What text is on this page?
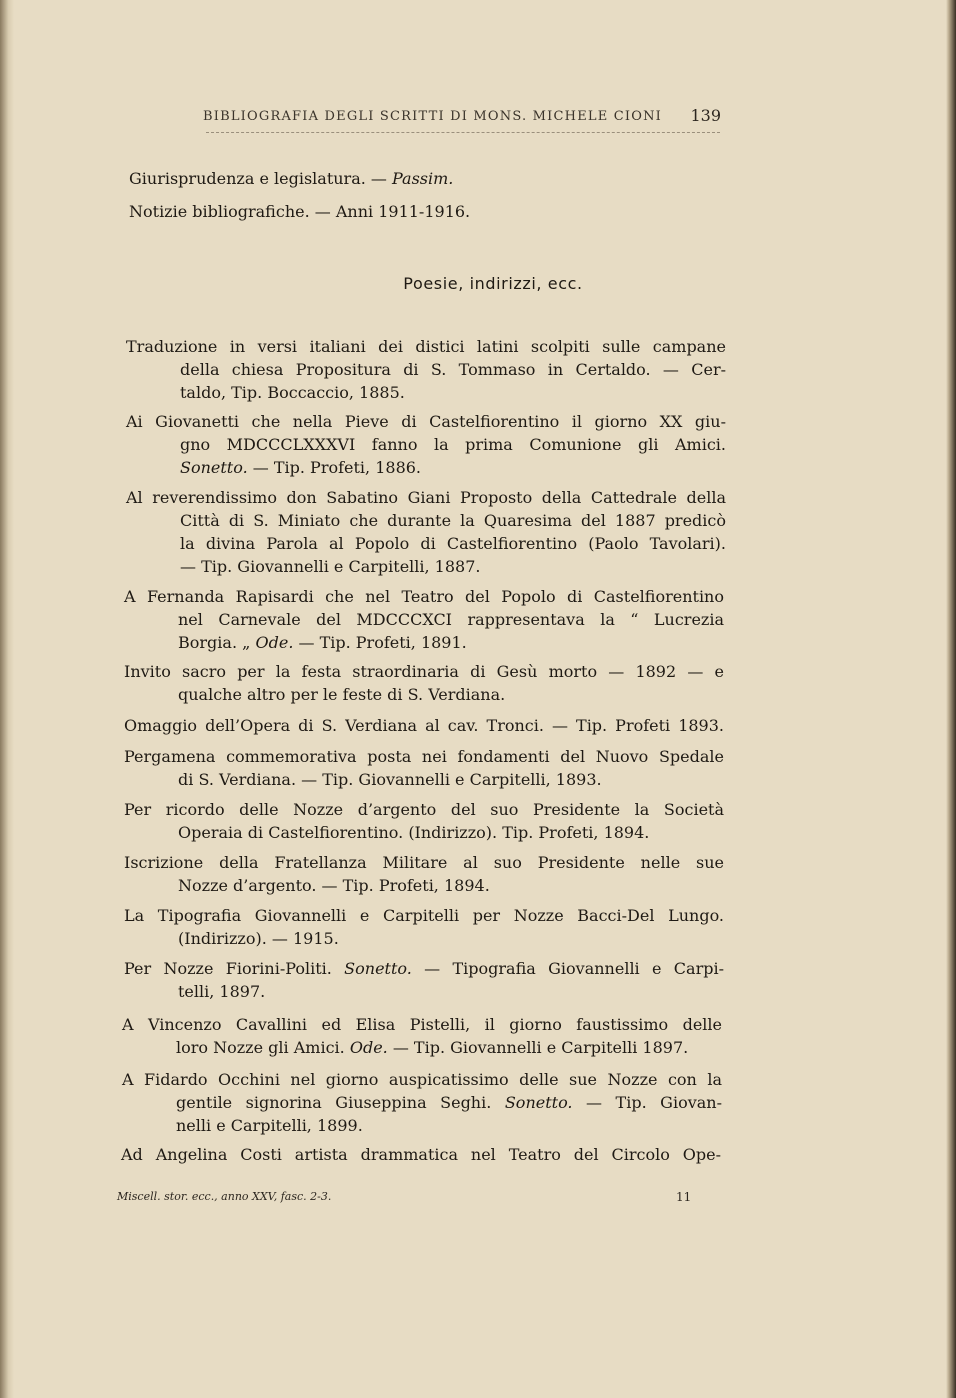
BIBLIOGRAFIA DEGLI SCRITTI DI MONS. MICHELE CIONI 139
Giurisprudenza e legislatura. — Passim.
Notizie bibliografiche. — Anni 1911-1916.
Poesie, indirizzi, ecc.
Traduzione in versi italiani dei distici latini scolpiti sulle campane
della chiesa Propositura di S. Tommaso in Certaldo. — Cer-
taldo, Tip. Boccaccio, 1885.
Ai Giovanetti che nella Pieve di Castelfiorentino il giorno XX giu-
gno MDCCCLXXXVI fanno la prima Comunione gli Amici.
Sonetto. — Tip. Profeti, 1886.
Al reverendissimo don Sabatino Giani Proposto della Cattedrale della
Città di S. Miniato che durante la Quaresima del 1887 predicò
la divina Parola al Popolo di Castelfiorentino (Paolo Tavolari).
— Tip. Giovannelli e Carpitelli, 1887.
A Fernanda Rapisardi che nel Teatro del Popolo di Castelfiorentino
nel Carnevale del MDCCCXCI rappresentava la “ Lucrezia
Borgia. „ Ode. — Tip. Profeti, 1891.
Invito sacro per la festa straordinaria di Gesù morto — 1892 — e
qualche altro per le feste di S. Verdiana.
Omaggio dell’Opera di S. Verdiana al cav. Tronci. — Tip. Profeti 1893.
Pergamena commemorativa posta nei fondamenti del Nuovo Spedale
di S. Verdiana. — Tip. Giovannelli e Carpitelli, 1893.
Per ricordo delle Nozze d’argento del suo Presidente la Società
Operaia di Castelfiorentino. (Indirizzo). Tip. Profeti, 1894.
Iscrizione della Fratellanza Militare al suo Presidente nelle sue
Nozze d’argento. — Tip. Profeti, 1894.
La Tipografia Giovannelli e Carpitelli per Nozze Bacci-Del Lungo.
(Indirizzo). — 1915.
Per Nozze Fiorini-Politi. Sonetto. — Tipografia Giovannelli e Carpi-
telli, 1897.
A Vincenzo Cavallini ed Elisa Pistelli, il giorno faustissimo delle
loro Nozze gli Amici. Ode. — Tip. Giovannelli e Carpitelli 1897.
A Fidardo Occhini nel giorno auspicatissimo delle sue Nozze con la
gentile signorina Giuseppina Seghi. Sonetto. — Tip. Giovan-
nelli e Carpitelli, 1899.
Ad Angelina Costi artista drammatica nel Teatro del Circolo Ope-
Miscell. stor. ecc., anno XXV, fasc. 2-3.	11
